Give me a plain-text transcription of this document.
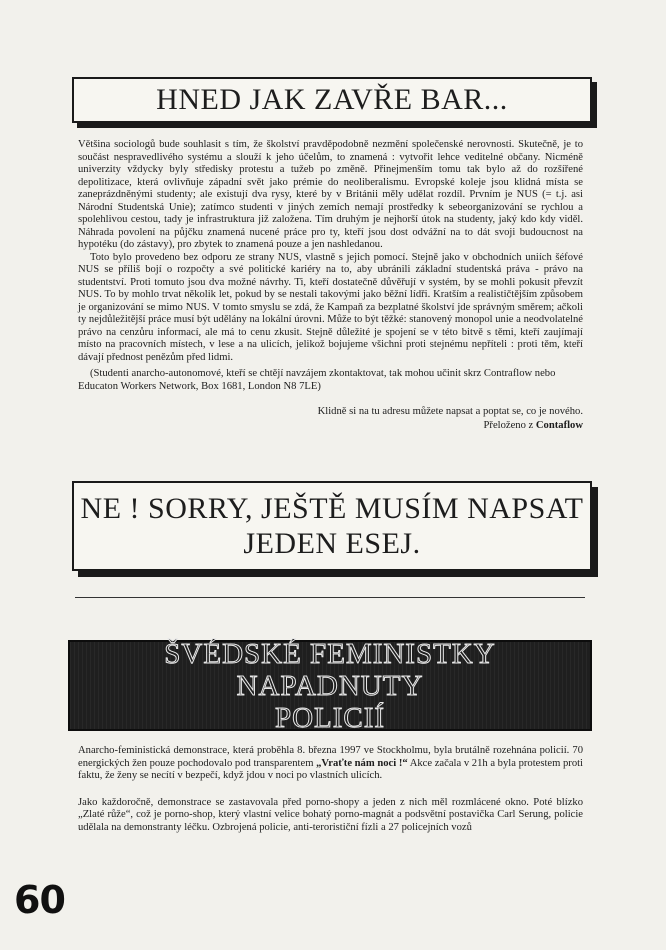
HNED JAK ZAVŘE BAR...

Většina sociologů bude souhlasit s tím, že školství pravděpodobně nezmění společenské nerovnosti. Skutečně, je to součást nespravedlivého systému a slouží k jeho účelům, to znamená : vytvořit lehce veditelné občany. Nicméně univerzity vždycky byly středisky protestu a tužeb po změně. Přinejmenším tomu tak bylo až do rozšířené depolitizace, která ovlivňuje západní svět jako prémie do neoliberalismu. Evropské koleje jsou klidná místa se zaneprázdněnými studenty; ale existují dva rysy, které by v Británii měly udělat rozdíl. Prvním je NUS (= t.j. asi Národní Studentská Unie); zatímco studenti v jiných zemích nemají prostředky k sebeorganizování se rychlou a spolehlivou cestou, tady je infrastruktura již založena. Tím druhým je nejhorší útok na studenty, jaký kdo kdy viděl. Náhrada povolení na půjčku znamená nucené práce pro ty, kteří jsou dost odvážní na to dát svoji budoucnost na hypotéku (do zástavy), pro zbytek to znamená pouze a jen nashledanou.

Toto bylo provedeno bez odporu ze strany NUS, vlastně s jejich pomocí. Stejně jako v obchodních uniích šéfové NUS se příliš bojí o rozpočty a své politické kariéry na to, aby ubránili základní studentská práva - právo na studentství. Proti tomuto jsou dva možné návrhy. Ti, kteří dostatečně důvěřují v systém, by se mohli pokusit převzít NUS. To by mohlo trvat několik let, pokud by se nestali takovými jako běžní lídři. Kratším a realističtějším způsobem je organizování se mimo NUS. V tomto smyslu se zdá, že Kampaň za bezplatné školství jde správným směrem; ačkoli ty nejdůležitější práce musí být udělány na lokální úrovni. Může to být těžké: stanovený monopol unie a neodvolatelné právo na cenzůru informací, ale má to cenu zkusit. Stejně důležité je spojení se v této bitvě s těmi, kteří zaujímají místo na pracovních místech, v lese a na ulicích, jelikož bojujeme všichni proti stejnému nepříteli : proti těm, kteří dávají přednost penězům před lidmi.

(Studenti anarcho-autonomové, kteří se chtějí navzájem zkontaktovat, tak mohou učinit skrz Contraflow nebo Educaton Workers Network, Box 1681, London N8 7LE)

Klidně si na tu adresu můžete napsat a poptat se, co je nového.
Přeloženo z Contaflow
NE ! SORRY, JEŠTĚ MUSÍM NAPSAT
JEDEN ESEJ.
ŠVÉDSKÉ FEMINISTKY NAPADNUTY
POLICIÍ

Anarcho-feministická demonstrace, která proběhla 8. března 1997 ve Stockholmu, byla brutálně rozehnána policií. 70 energických žen pouze pochodovalo pod transparentem „Vraťte nám noci !“ Akce začala v 21h a byla protestem proti faktu, že ženy se necítí v bezpečí, když jdou v noci po vlastních ulicích.

Jako každoročně, demonstrace se zastavovala před porno-shopy a jeden z nich měl rozmlácené okno. Poté blízko „Zlaté růže“, což je porno-shop, který vlastní velice bohatý porno-magnát a podsvětní postavička Carl Serung, policie udělala na demonstranty léčku. Ozbrojená policie, anti-terorističní fízli a 27 policejních vozů

60
